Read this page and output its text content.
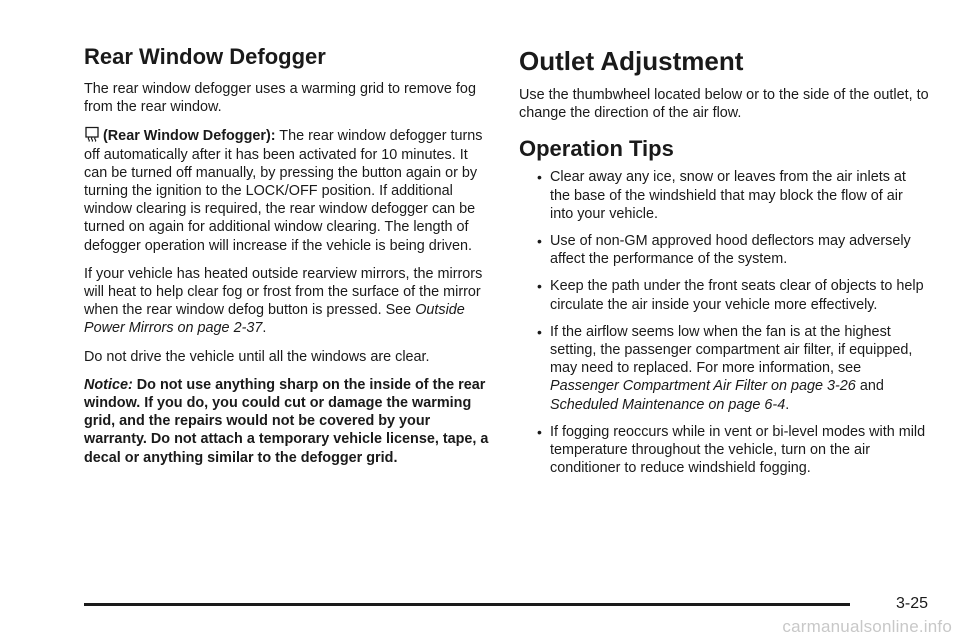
Rear Window Defogger

The rear window defogger uses a warming grid to remove fog from the rear window.

(Rear Window Defogger): The rear window defogger turns off automatically after it has been activated for 10 minutes. It can be turned off manually, by pressing the button again or by turning the ignition to the LOCK/OFF position. If additional window clearing is required, the rear window defogger can be turned on again for additional window clearing. The length of defogger operation will increase if the vehicle is being driven.

If your vehicle has heated outside rearview mirrors, the mirrors will heat to help clear fog or frost from the surface of the mirror when the rear window defog button is pressed. See Outside Power Mirrors on page 2-37.

Do not drive the vehicle until all the windows are clear.

Notice: Do not use anything sharp on the inside of the rear window. If you do, you could cut or damage the warming grid, and the repairs would not be covered by your warranty. Do not attach a temporary vehicle license, tape, a decal or anything similar to the defogger grid.

Outlet Adjustment

Use the thumbwheel located below or to the side of the outlet, to change the direction of the air flow.

Operation Tips
• Clear away any ice, snow or leaves from the air inlets at the base of the windshield that may block the flow of air into your vehicle.
• Use of non-GM approved hood deflectors may adversely affect the performance of the system.
• Keep the path under the front seats clear of objects to help circulate the air inside your vehicle more effectively.
• If the airflow seems low when the fan is at the highest setting, the passenger compartment air filter, if equipped, may need to replaced. For more information, see Passenger Compartment Air Filter on page 3-26 and Scheduled Maintenance on page 6-4.
• If fogging reoccurs while in vent or bi-level modes with mild temperature throughout the vehicle, turn on the air conditioner to reduce windshield fogging.
3-25
carmanualsonline.info
